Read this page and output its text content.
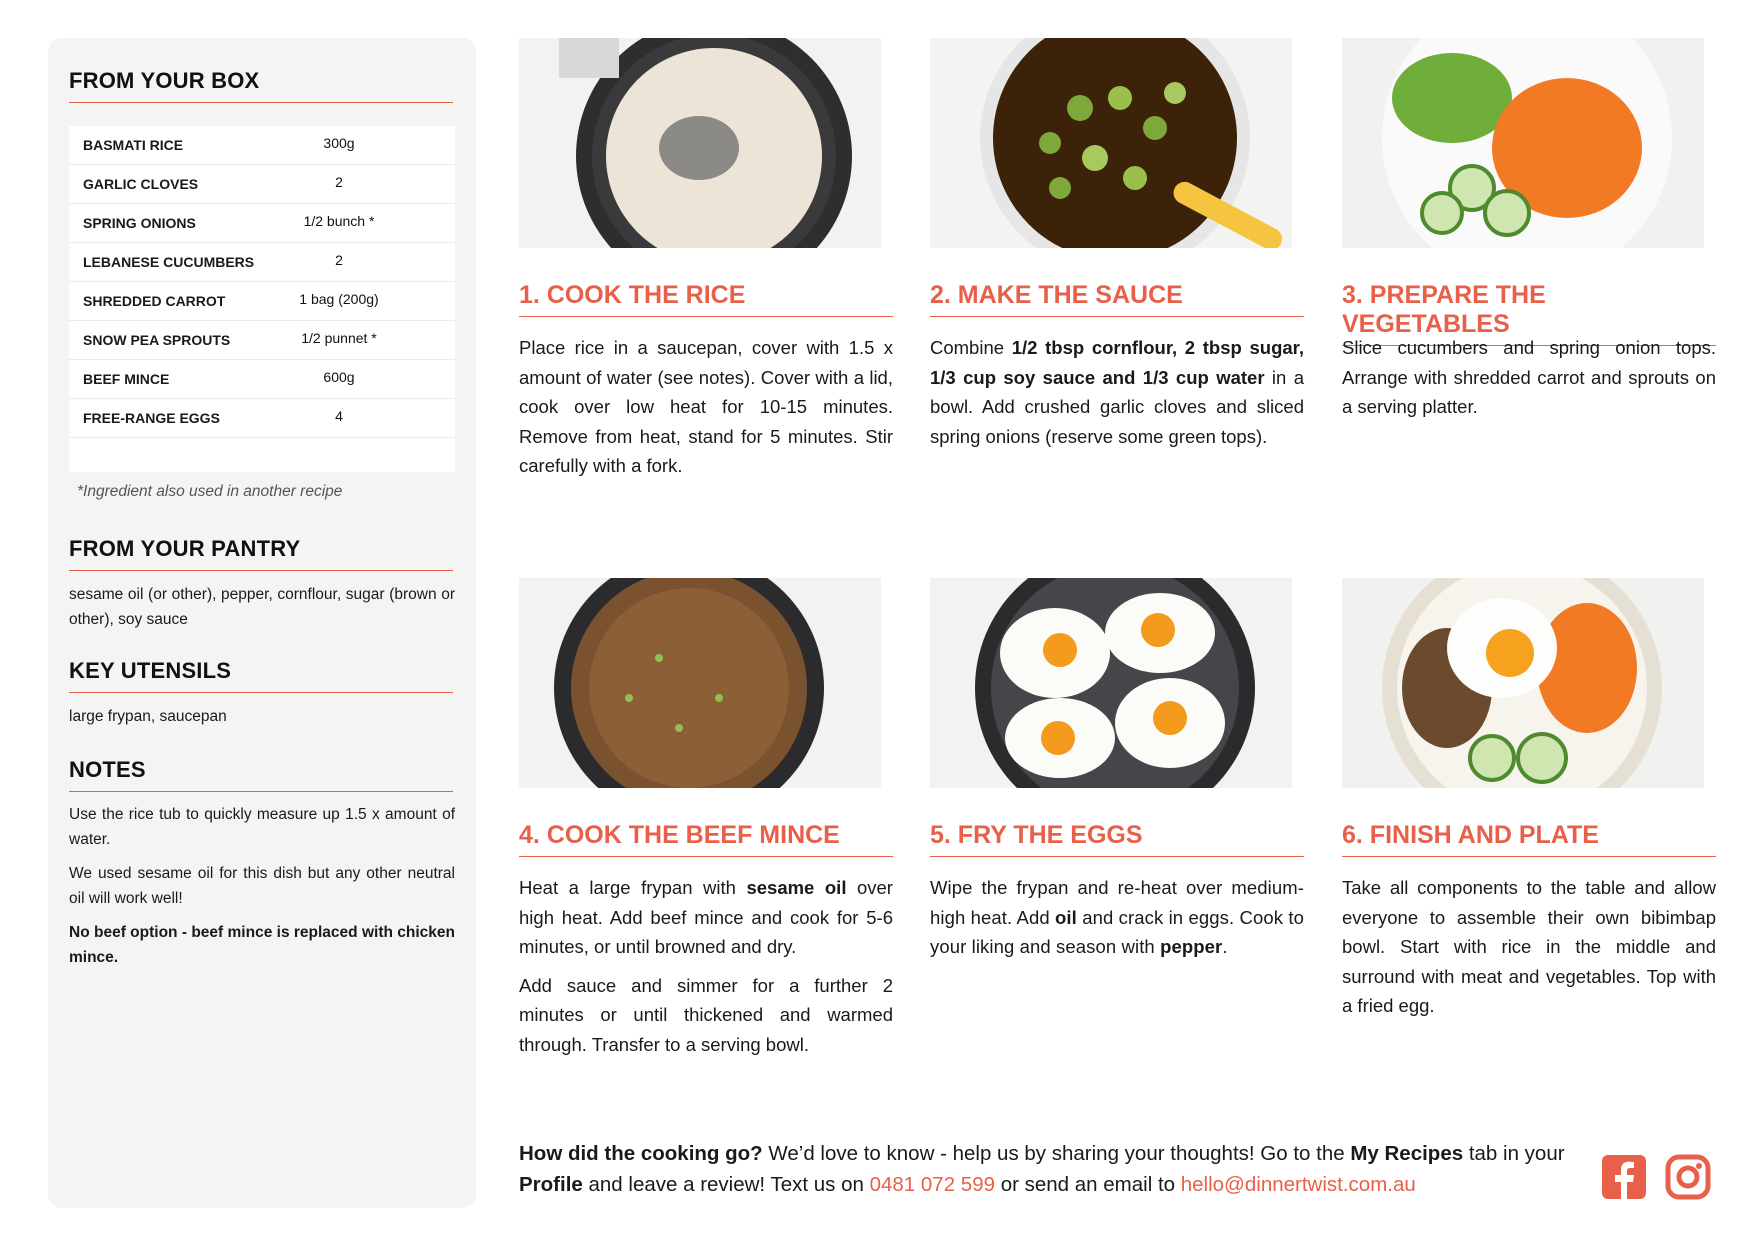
FROM YOUR BOX
BASMATI RICE	300g
GARLIC CLOVES	2
SPRING ONIONS	1/2 bunch *
LEBANESE CUCUMBERS	2
SHREDDED CARROT	1 bag (200g)
SNOW PEA SPROUTS	1/2 punnet *
BEEF MINCE	600g
FREE-RANGE EGGS	4
*Ingredient also used in another recipe
FROM YOUR PANTRY

sesame oil (or other), pepper, cornflour, sugar (brown or other), soy sauce

KEY UTENSILS

large frypan, saucepan

NOTES

Use the rice tub to quickly measure up 1.5 x amount of water.

We used sesame oil for this dish but any other neutral oil will work well!

No beef option - beef mince is replaced with chicken mince.

1. COOK THE RICE

Place rice in a saucepan, cover with 1.5 x amount of water (see notes). Cover with a lid, cook over low heat for 10-15 minutes. Remove from heat, stand for 5 minutes. Stir carefully with a fork.

2. MAKE THE SAUCE

Combine 1/2 tbsp cornflour, 2 tbsp sugar, 1/3 cup soy sauce and 1/3 cup water in a bowl. Add crushed garlic cloves and sliced spring onions (reserve some green tops).

3. PREPARE THE VEGETABLES

Slice cucumbers and spring onion tops. Arrange with shredded carrot and sprouts on a serving platter.

4. COOK THE BEEF MINCE

Heat a large frypan with sesame oil over high heat. Add beef mince and cook for 5-6 minutes, or until browned and dry.

Add sauce and simmer for a further 2 minutes or until thickened and warmed through. Transfer to a serving bowl.

5. FRY THE EGGS

Wipe the frypan and re-heat over medium-high heat. Add oil and crack in eggs. Cook to your liking and season with pepper.

6. FINISH AND PLATE

Take all components to the table and allow everyone to assemble their own bibimbap bowl. Start with rice in the middle and surround with meat and vegetables. Top with a fried egg.

How did the cooking go? We’d love to know - help us by sharing your thoughts! Go to the My Recipes tab in your Profile and leave a review! Text us on 0481 072 599 or send an email to hello@dinnertwist.com.au
